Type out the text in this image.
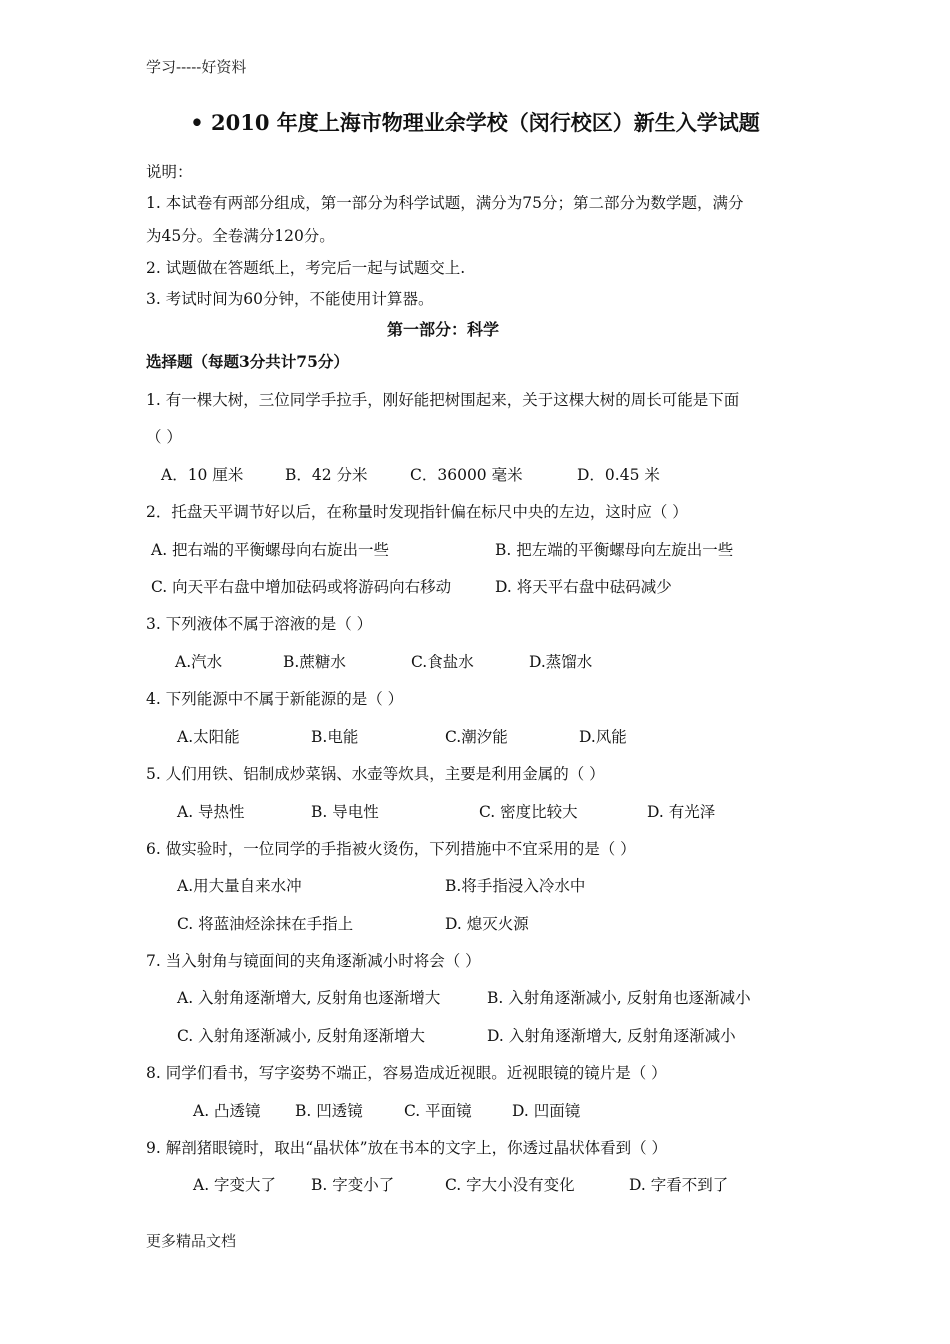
学习-----好资料
• 2010 年度上海市物理业余学校（闵行校区）新生入学试题
说明：
1. 本试卷有两部分组成，第一部分为科学试题，满分为75分；第二部分为数学题，满分
为45分。全卷满分120分。
2. 试题做在答题纸上，考完后一起与试题交上.
3. 考试时间为60分钟，不能使用计算器。
第一部分：科学
选择题（每题3分共计75分）
1. 有一棵大树，三位同学手拉手，刚好能把树围起来，关于这棵大树的周长可能是下面
（ ）
A．10 厘米	B．42 分米	C．36000 毫米	D．0.45 米
2．托盘天平调节好以后，在称量时发现指针偏在标尺中央的左边，这时应（ ）
A. 把右端的平衡螺母向右旋出一些	B. 把左端的平衡螺母向左旋出一些
C. 向天平右盘中增加砝码或将游码向右移动	D. 将天平右盘中砝码减少
3. 下列液体不属于溶液的是（ ）
A.汽水	B.蔗糖水	C.食盐水	D.蒸馏水
4. 下列能源中不属于新能源的是（ ）
A.太阳能	B.电能	C.潮汐能	D.风能
5. 人们用铁、铝制成炒菜锅、水壶等炊具，主要是利用金属的（ ）
A. 导热性	B. 导电性	C. 密度比较大	D. 有光泽
6. 做实验时，一位同学的手指被火烫伤，下列措施中不宜采用的是（ ）
A.用大量自来水冲	B.将手指浸入冷水中
C. 将蓝油烃涂抹在手指上	D. 熄灭火源
7. 当入射角与镜面间的夹角逐渐减小时将会（ ）
A. 入射角逐渐增大, 反射角也逐渐增大	B. 入射角逐渐减小, 反射角也逐渐减小
C. 入射角逐渐减小, 反射角逐渐增大	D. 入射角逐渐增大, 反射角逐渐减小
8. 同学们看书，写字姿势不端正，容易造成近视眼。近视眼镜的镜片是（ ）
A. 凸透镜 B. 凹透镜	C. 平面镜	D. 凹面镜
9. 解剖猪眼镜时，取出“晶状体”放在书本的文字上，你透过晶状体看到（ ）
A. 字变大了 B. 字变小了	C. 字大小没有变化	D. 字看不到了
更多精品文档
